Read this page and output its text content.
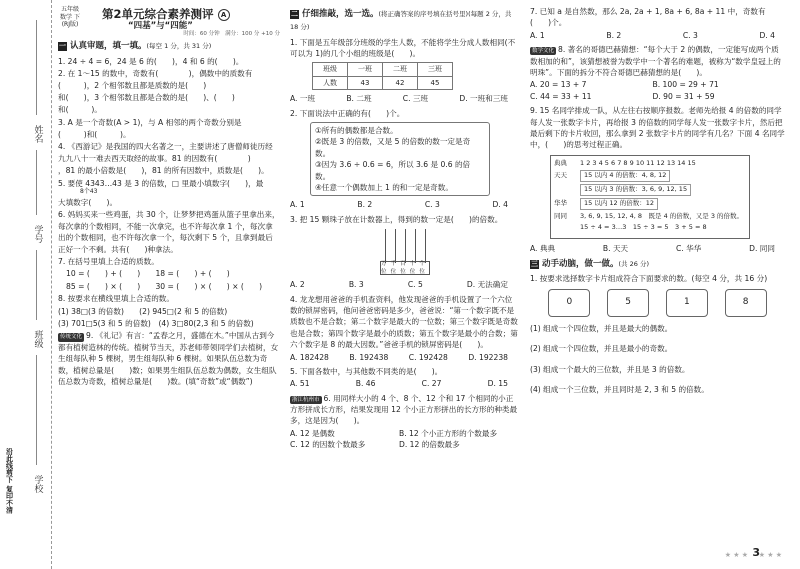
姓名
学号
班级
学校
沿此线剪下 复印不清
五年级
数学 下
(RJ版)
第2单元综合素养测评 A
“四基”与“四能”
时间：60 分钟　满分：100 分 +10 分
一 认真审题，填一填。(每空 1 分，共 31 分)
1. 24 ÷ 4 = 6，24 是 6 的(　　)，4 和 6 的(　　)。
2. 在 1～15 的数中，奇数有(　　　　)，偶数中的质数有(　　　)，2 个相邻数且都是质数的是(　　)
和(　　)，3 个相邻数且都是合数的是(　　)、(　　)
和(　　　)。
3. A 是一个奇数(A > 1)，与 A 相邻的两个奇数分别是
(　　　)和(　　　)。
4. 《西游记》是我国的四大名著之一，主要讲述了唐僧师徒历经九九八十一难去西天取经的故事。81 的因数有(　　　　)
，81 的最小倍数是(　　)，81 的所有因数中，质数是(　　)。
5. 要使 4343…43 是 3 的倍数，□ 里最小填数字(　　)，最
8个43
大填数字(　　)。
6. 妈妈买来一些鸡蛋，共 30 个，让梦梦把鸡蛋从篮子里拿出来，每次拿的个数相同，不能一次拿完，也不许每次拿 1 个，每次拿出的个数相同，也不许每次拿一个，每次剩下 5 个，且拿到最后正好一个不剩。共有(　　)种拿法。
7. 在括号里填上合适的质数。
10 = (　　) + (　　)　　18 = (　　) + (　　)
85 = (　　) × (　　)　　30 = (　　) × (　　) × (　　)
8. 按要求在横线里填上合适的数。
(1) 38□(3 的倍数)　　(2) 945□(2 和 5 的倍数)
(3) 701□5(3 和 5 的倍数)　(4) 3□80(2,3 和 5 的倍数)
传统文化 9. 《礼记》有言：“孟春之月，盛德在木。”中国从古到今都有植树造林的传统。植树节当天，苏老师带领同学们去植树，女生组每队种 5 棵树，男生组每队种 6 棵树。如果队伍总数为奇数，植树总量是(　　)数；如果男生组队伍总数为偶数，女生组队伍总数为奇数，植树总量是(　　)数。(填“奇数”或“偶数”)
二 仔细推敲，选一选。(将正确答案的序号填在括号里)(每题 2 分，共 18 分)
1. 下面是五年级部分班级的学生人数，不能将学生分成人数相同(不可以为 1)的几个小组的班级是(　　)。
班级	一班	二班	三班
人数	43	42	45
A. 一班	B. 二班	C. 三班	D. 一班和三班
2. 下面说法中正确的有(　　)个。
①所有的偶数都是合数。
②既是 3 的倍数，又是 5 的倍数的数一定是奇数。
③因为 3.6 ÷ 0.6 = 6，所以 3.6 是 0.6 的倍数。
④任意一个偶数加上 1 的和一定是奇数。
A. 1	B. 2	C. 3	D. 4
3. 把 15 颗珠子放在计数器上，得到的数一定是(　　)的倍数。
万位
千位
百位
十位
个位
A. 2	B. 3	C. 5	D. 无法确定
4. 龙龙想用爸爸的手机查资料，他发现爸爸的手机设置了一个六位数的锁屏密码，他问爸爸密码是多少，爸爸说：“第一个数字既不是质数也不是合数；第二个数字是最大的一位数；第三个数字既是奇数也是合数；第四个数字是最小的质数；第五个数字是最小的合数；第六个数字是 8 的最大因数。”爸爸手机的锁屏密码是(　　)。
A. 182428	B. 192438	C. 192428	D. 192238
5. 下面各数中，与其他数不同类的是(　　)。
A. 51	B. 46	C. 27	D. 15
浙江杭州市 6. 用同样大小的 4 个、8 个、12 个和 17 个相同的小正方形拼成长方形，结果发现用 12 个小正方形拼出的长方形的种类最多，这是因为(　　)。
A. 12 是偶数	B. 12 个小正方形的个数最多
C. 12 的因数个数最多	D. 12 的倍数最多
7. 已知 a 是自然数，那么 2a, 2a + 1, 8a + 6, 8a + 11 中，奇数有(　　)个。
A. 1	B. 2	C. 3	D. 4
数学文化 8. 著名的哥德巴赫猜想：“每个大于 2 的偶数，一定能写成两个质数相加的和”，该猜想被誉为数学中一个著名的难题，被称为“数学皇冠上的明珠”。下面的拆分不符合哥德巴赫猜想的是(　　)。
A. 20 = 13 + 7	B. 100 = 29 + 71
C. 44 = 33 + 11	D. 90 = 31 + 59
9. 15 名同学排成一队，从左往右按顺序报数。老师先给报 4 的倍数的同学每人发一张数字卡片，再给报 3 的倍数的同学每人发一张数字卡片，然后把最后剩下的卡片收回，那么拿到 2 张数字卡片的同学有几名？下面 4 名同学中，(　　)的思考过程正确。
典典	1 2 3 4 5 6 7 8 9 10 11 12 13 14 15
天天	15 以内 4 的倍数：4, 8, 12
15 以内 3 的倍数：3, 6, 9, 12, 15
华华	15 以内 12 的倍数：12
同同	3, 6, 9, 15, 12, 4, 8　既是 4 的倍数，又是 3 的倍数。
15 ÷ 4 = 3…3　15 ÷ 3 = 5　3 + 5 = 8
A. 典典	B. 天天	C. 华华	D. 同同
三 动手动脑，做一做。(共 26 分)
1. 按要求选择数字卡片组成符合下面要求的数。(每空 4 分，共 16 分)
0	5	1	8
(1) 组成一个四位数，并且是最大的偶数。
(2) 组成一个四位数，并且是最小的奇数。
(3) 组成一个最大的三位数，并且是 3 的倍数。
(4) 组成一个三位数，并且同时是 2, 3 和 5 的倍数。
★ ★ ★ 3
★ ★ ★
